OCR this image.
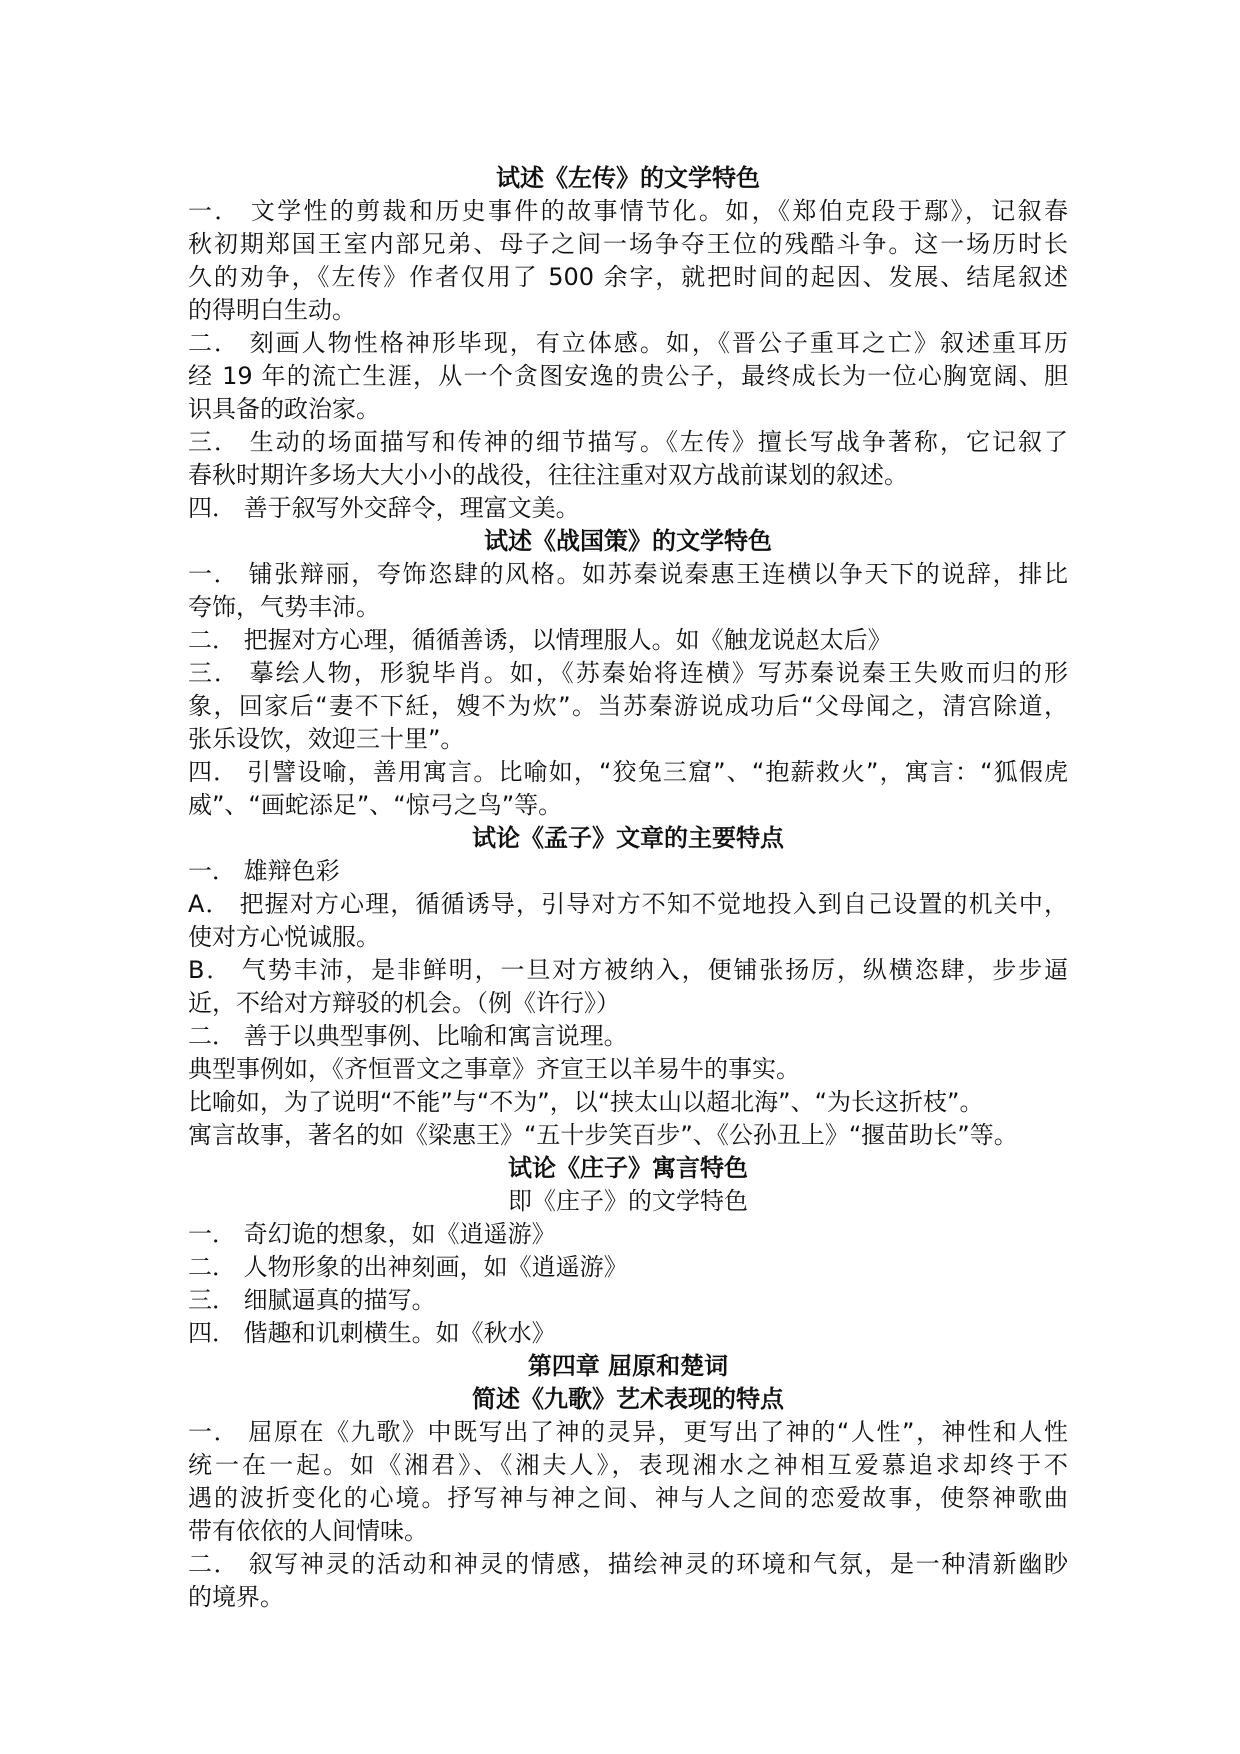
试述《左传》的文学特色
一． 文学性的剪裁和历史事件的故事情节化。如，《郑伯克段于鄢》，记叙春
秋初期郑国王室内部兄弟、母子之间一场争夺王位的残酷斗争。这一场历时长
久的劝争，《左传》作者仅用了 500 余字，就把时间的起因、发展、结尾叙述
的得明白生动。
二． 刻画人物性格神形毕现，有立体感。如，《晋公子重耳之亡》叙述重耳历
经 19 年的流亡生涯，从一个贪图安逸的贵公子，最终成长为一位心胸宽阔、胆
识具备的政治家。
三． 生动的场面描写和传神的细节描写。《左传》擅长写战争著称，它记叙了
春秋时期许多场大大小小的战役，往往注重对双方战前谋划的叙述。
四． 善于叙写外交辞令，理富文美。
试述《战国策》的文学特色
一． 铺张辩丽，夸饰恣肆的风格。如苏秦说秦惠王连横以争天下的说辞，排比
夸饰，气势丰沛。
二． 把握对方心理，循循善诱，以情理服人。如《触龙说赵太后》
三． 摹绘人物，形貌毕肖。如，《苏秦始将连横》写苏秦说秦王失败而归的形
象，回家后“妻不下紝，嫂不为炊”。当苏秦游说成功后“父母闻之，清宫除道，
张乐设饮，效迎三十里”。
四． 引譬设喻，善用寓言。比喻如，“狡兔三窟”、“抱薪救火”，寓言：“狐假虎
威”、“画蛇添足”、“惊弓之鸟”等。
试论《孟子》文章的主要特点
一． 雄辩色彩
A． 把握对方心理，循循诱导，引导对方不知不觉地投入到自己设置的机关中，
使对方心悦诚服。
B． 气势丰沛，是非鲜明，一旦对方被纳入，便铺张扬厉，纵横恣肆，步步逼
近，不给对方辩驳的机会。（例《许行》）
二． 善于以典型事例、比喻和寓言说理。
典型事例如，《齐恒晋文之事章》齐宣王以羊易牛的事实。
比喻如，为了说明“不能”与“不为”，以“挟太山以超北海”、“为长这折枝”。
寓言故事，著名的如《梁惠王》“五十步笑百步”、《公孙丑上》“揠苗助长”等。
试论《庄子》寓言特色
即《庄子》的文学特色
一． 奇幻诡的想象，如《逍遥游》
二． 人物形象的出神刻画，如《逍遥游》
三． 细腻逼真的描写。
四． 偕趣和讥刺横生。如《秋水》
第四章 屈原和楚词
简述《九歌》艺术表现的特点
一． 屈原在《九歌》中既写出了神的灵异，更写出了神的“人性”，神性和人性
统一在一起。如《湘君》、《湘夫人》，表现湘水之神相互爱慕追求却终于不
遇的波折变化的心境。抒写神与神之间、神与人之间的恋爱故事，使祭神歌曲
带有依依的人间情味。
二． 叙写神灵的活动和神灵的情感，描绘神灵的环境和气氛，是一种清新幽眇
的境界。
